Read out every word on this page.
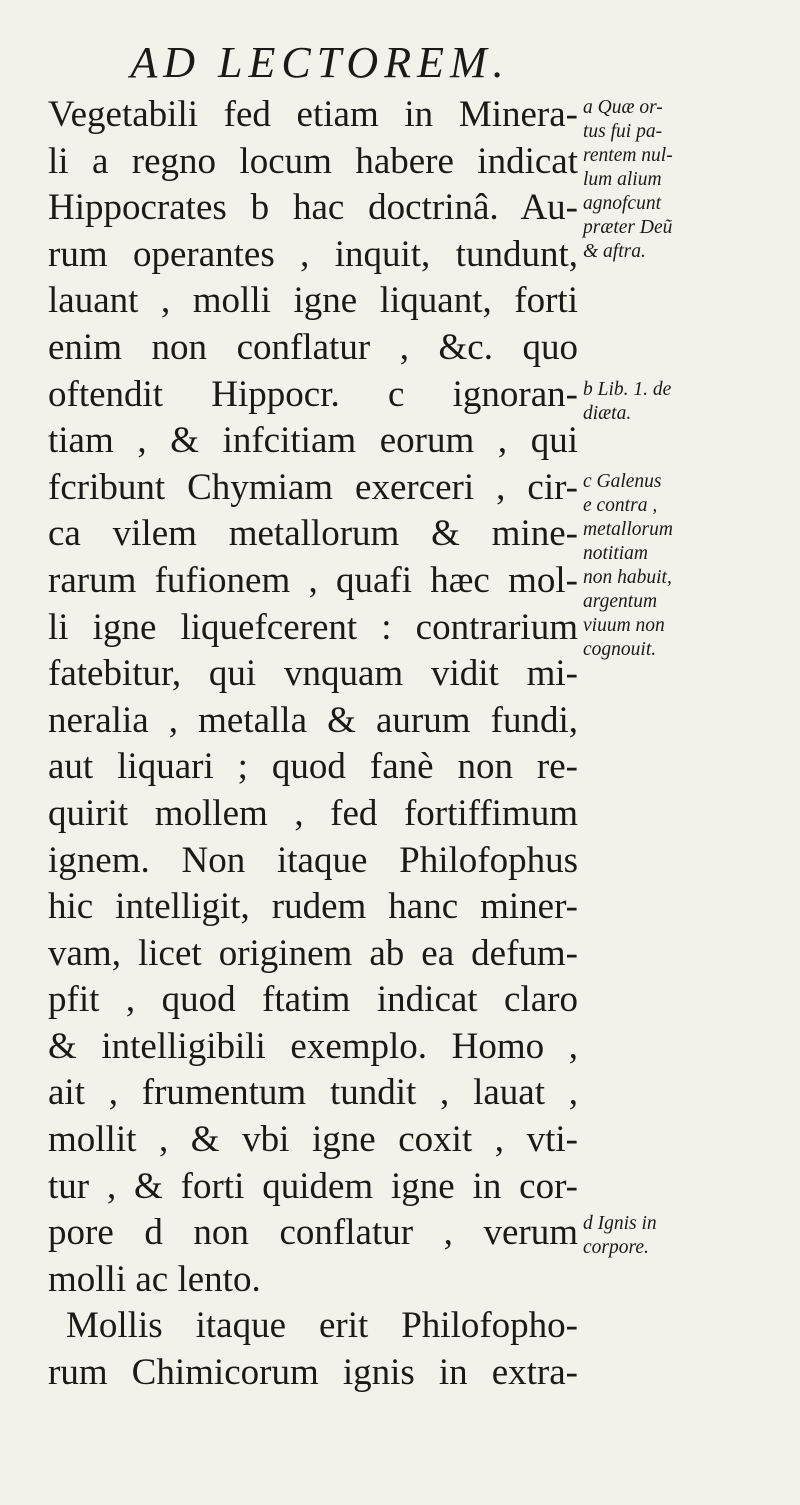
AD LECTOREM.
Vegetabili fed etiam in Minera-
li a regno locum habere indicat
Hippocrates b hac doctrinâ. Au-
rum operantes , inquit, tundunt,
lauant , molli igne liquant, forti
enim non conflatur , &c. quo
oftendit Hippocr. c ignoran-
tiam , & infcitiam eorum , qui
fcribunt Chymiam exerceri , cir-
ca vilem metallorum & mine-
rarum fufionem , quafi hæc mol-
li igne liquefcerent : contrarium
fatebitur, qui vnquam vidit mi-
neralia , metalla & aurum fundi,
aut liquari ; quod fanè non re-
quirit mollem , fed fortiffimum
ignem. Non itaque Philofophus
hic intelligit, rudem hanc miner-
vam, licet originem ab ea defum-
pfit , quod ftatim indicat claro
& intelligibili exemplo. Homo ,
ait , frumentum tundit , lauat ,
mollit , & vbi igne coxit , vti-
tur , & forti quidem igne in cor-
pore d non conflatur , verum
molli ac lento.
Mollis itaque erit Philofopho-
rum Chimicorum ignis in extra-
a Quæ or-
tus fui pa-
rentem nul-
lum alium
agnofcunt
præter Deũ
& aftra.
b Lib. 1. de
diæta.
c Galenus
e contra ,
metallorum
notitiam
non habuit,
argentum
viuum non
cognouit.
d Ignis in
corpore.
